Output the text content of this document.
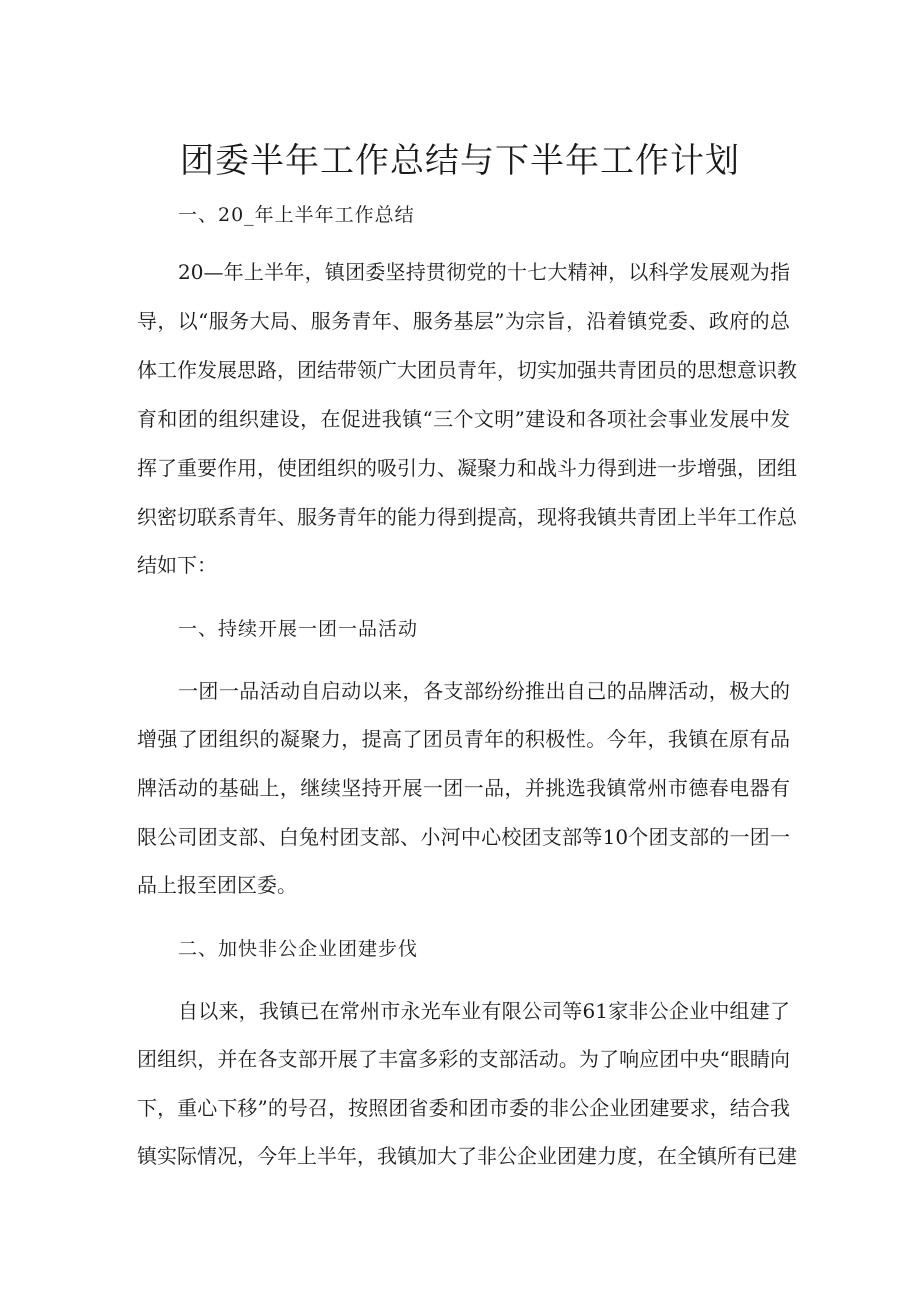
团委半年工作总结与下半年工作计划
一、20_年上半年工作总结
20—年上半年，镇团委坚持贯彻党的十七大精神，以科学发展观为指
导，以“服务大局、服务青年、服务基层”为宗旨，沿着镇党委、政府的总
体工作发展思路，团结带领广大团员青年，切实加强共青团员的思想意识教
育和团的组织建设，在促进我镇“三个文明”建设和各项社会事业发展中发
挥了重要作用，使团组织的吸引力、凝聚力和战斗力得到进一步增强，团组
织密切联系青年、服务青年的能力得到提高，现将我镇共青团上半年工作总
结如下：
一、持续开展一团一品活动
一团一品活动自启动以来，各支部纷纷推出自己的品牌活动，极大的
增强了团组织的凝聚力，提高了团员青年的积极性。今年，我镇在原有品
牌活动的基础上，继续坚持开展一团一品，并挑选我镇常州市德春电器有
限公司团支部、白兔村团支部、小河中心校团支部等10个团支部的一团一
品上报至团区委。
二、加快非公企业团建步伐
自以来，我镇已在常州市永光车业有限公司等61家非公企业中组建了
团组织，并在各支部开展了丰富多彩的支部活动。为了响应团中央“眼睛向
下，重心下移”的号召，按照团省委和团市委的非公企业团建要求，结合我
镇实际情况，今年上半年，我镇加大了非公企业团建力度，在全镇所有已建
